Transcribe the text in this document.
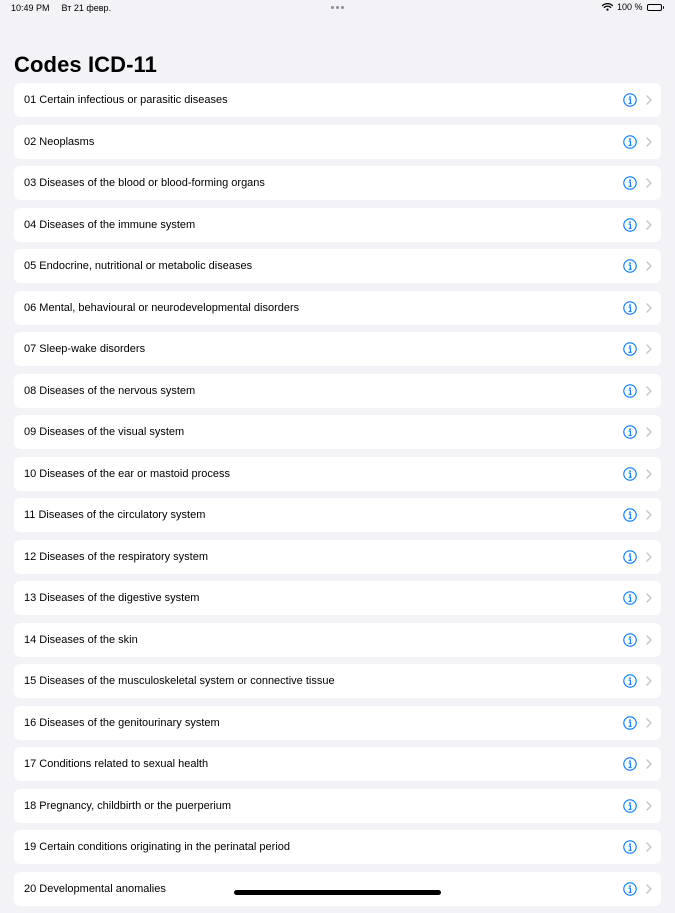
10:49 PM Вт 21 февр.	100 %
Codes ICD-11
01 Certain infectious or parasitic diseases
02 Neoplasms
03 Diseases of the blood or blood-forming organs
04 Diseases of the immune system
05 Endocrine, nutritional or metabolic diseases
06 Mental, behavioural or neurodevelopmental disorders
07 Sleep-wake disorders
08 Diseases of the nervous system
09 Diseases of the visual system
10 Diseases of the ear or mastoid process
11 Diseases of the circulatory system
12 Diseases of the respiratory system
13 Diseases of the digestive system
14 Diseases of the skin
15 Diseases of the musculoskeletal system or connective tissue
16 Diseases of the genitourinary system
17 Conditions related to sexual health
18 Pregnancy, childbirth or the puerperium
19 Certain conditions originating in the perinatal period
20 Developmental anomalies
